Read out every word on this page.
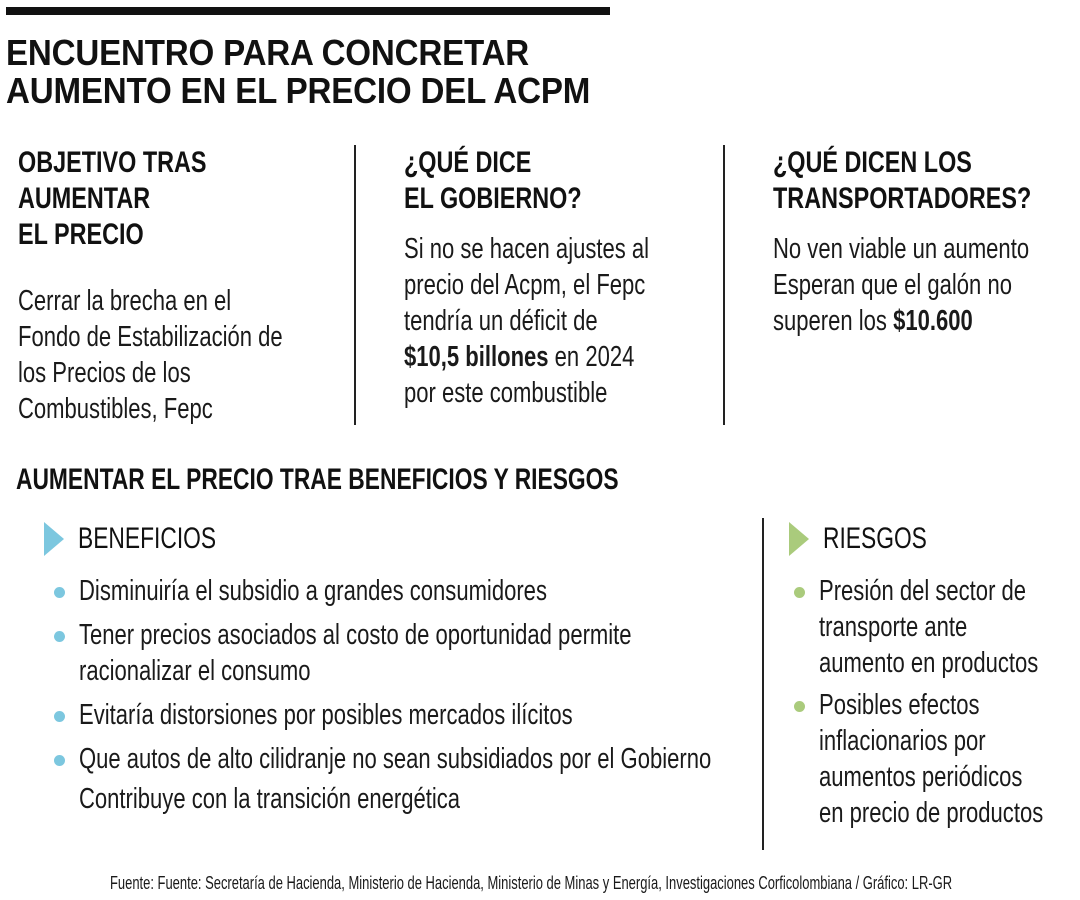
ENCUENTRO PARA CONCRETAR
AUMENTO EN EL PRECIO DEL ACPM
OBJETIVO TRAS
AUMENTAR
EL PRECIO

Cerrar la brecha en el
Fondo de Estabilización de
los Precios de los
Combustibles, Fepc

¿QUÉ DICE
EL GOBIERNO?

Si no se hacen ajustes al
precio del Acpm, el Fepc
tendría un déficit de
$10,5 billones en 2024
por este combustible

¿QUÉ DICEN LOS
TRANSPORTADORES?

No ven viable un aumento
Esperan que el galón no
superen los $10.600

AUMENTAR EL PRECIO TRAE BENEFICIOS Y RIESGOS
BENEFICIOS
Disminuiría el subsidio a grandes consumidores
Tener precios asociados al costo de oportunidad permite
racionalizar el consumo
Evitaría distorsiones por posibles mercados ilícitos
Que autos de alto cilidranje no sean subsidiados por el Gobierno
Contribuye con la transición energética
RIESGOS
Presión del sector de
transporte ante
aumento en productos
Posibles efectos
inflacionarios por
aumentos periódicos
en precio de productos

Fuente: Fuente: Secretaría de Hacienda, Ministerio de Hacienda, Ministerio de Minas y Energía, Investigaciones Corficolombiana / Gráfico: LR-GR
